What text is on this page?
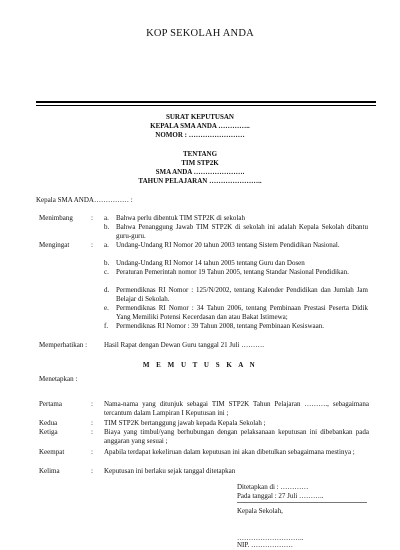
KOP SEKOLAH ANDA
SURAT KEPUTUSAN
KEPALA SMA ANDA …………..
NOMOR : ……………………
TENTANG
TIM STP2K
SMA ANDA ………………….
TAHUN PELAJARAN …………………..
Kepala SMA ANDA…………… :
Menimbang	: a. Bahwa perlu dibentuk TIM STP2K di sekolah
b. Bahwa Penanggung Jawab TIM STP2K di sekolah ini adalah Kepala Sekolah dibantu guru-guru.
Mengingat	: a. Undang-Undang RI Nomor 20 tahun 2003 tentang Sistem Pendidikan Nasional.
b. Undang-Undang RI Nomor 14 tahun 2005 tentang Guru dan Dosen
c. Peraturan Pemerintah nomor 19 Tahun 2005, tentang Standar Nasional Pendidikan.
d. Permendiknas RI Nomor : 125/N/2002, tentang Kalender Pendidikan dan Jumlah Jam Belajar di Sekolah.
e. Permendiknas RI Nomor : 34 Tahun 2006, tentang Pembinaan Prestasi Peserta Didik Yang Memiliki Potensi Kecerdasan dan atau Bakat Istimewa;
f. Permendiknas RI Nomor : 39 Tahun 2008, tentang Pembinaan Kesiswaan.
Memperhatikan : Hasil Rapat dengan Dewan Guru tanggal 21 Juli ……….
M E M U T U S K A N
Menetapkan :
Pertama	: Nama-nama yang ditunjuk sebagai TIM STP2K Tahun Pelajaran ………., sebagaimana tercantum dalam Lampiran I Keputusan ini ;
Kedua	: TIM STP2K bertanggung jawab kepada Kepala Sekolah ;
Ketiga	: Biaya yang timbul/yang berhubungan dengan pelaksanaan keputusan ini dibebankan pada anggaran yang sesuai ;
Keempat	: Apabila terdapat kekeliruan dalam keputusan ini akan dibetulkan sebagaimana mestinya ;
Kelima	: Keputusan ini berlaku sejak tanggal ditetapkan
Ditetapkan di : …………
Pada tanggal : 27 Juli ………..
Kepala Sekolah,
………………………..
NIP. ………………
